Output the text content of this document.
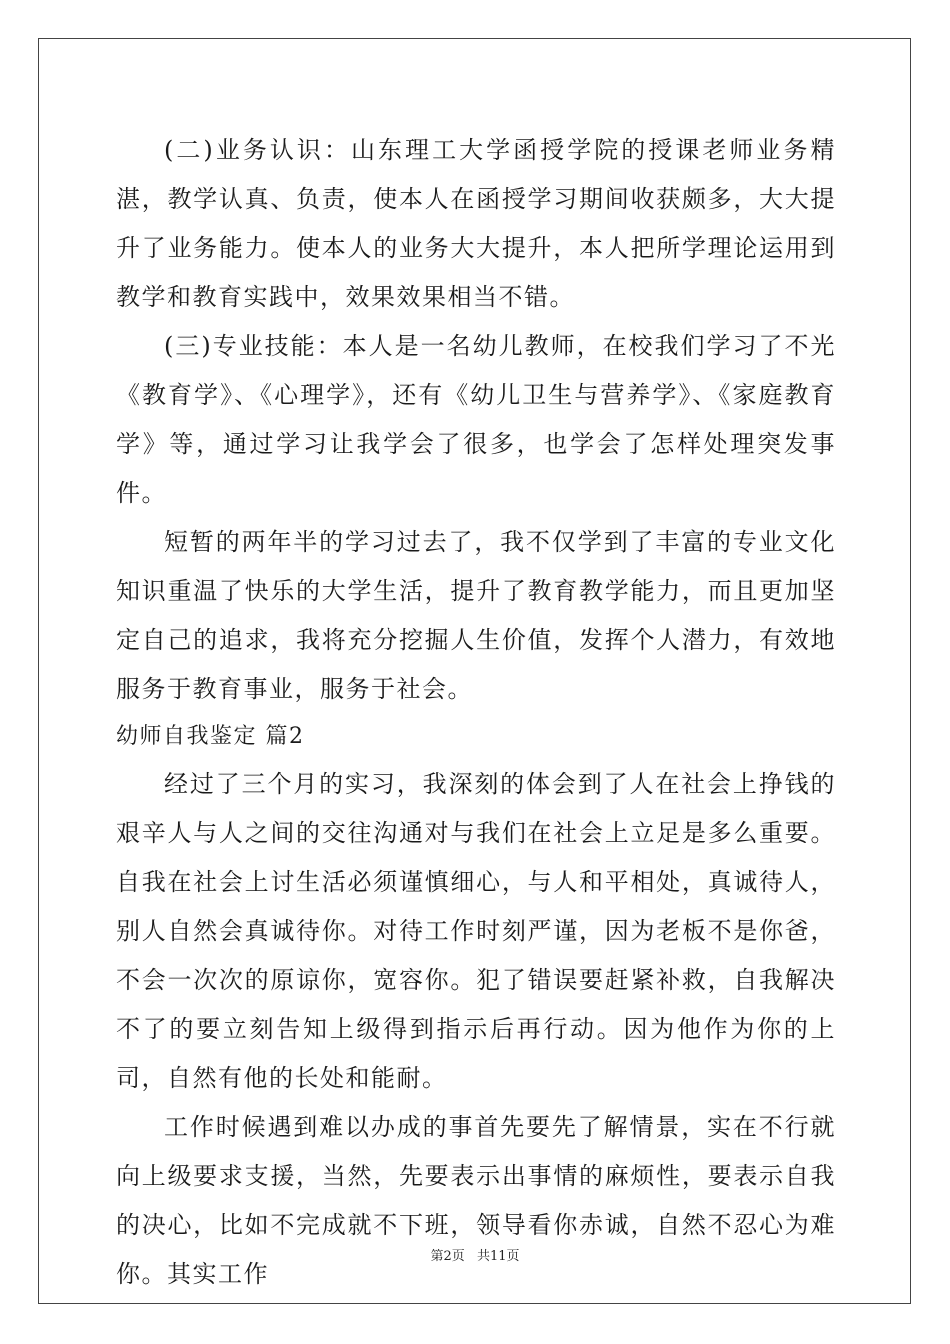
(二)业务认识：山东理工大学函授学院的授课老师业务精湛，教学认真、负责，使本人在函授学习期间收获颇多，大大提升了业务能力。使本人的业务大大提升，本人把所学理论运用到教学和教育实践中，效果效果相当不错。

(三)专业技能：本人是一名幼儿教师，在校我们学习了不光《教育学》、《心理学》，还有《幼儿卫生与营养学》、《家庭教育学》等，通过学习让我学会了很多，也学会了怎样处理突发事件。

短暂的两年半的学习过去了，我不仅学到了丰富的专业文化知识重温了快乐的大学生活，提升了教育教学能力，而且更加坚定自己的追求，我将充分挖掘人生价值，发挥个人潜力，有效地服务于教育事业，服务于社会。

幼师自我鉴定 篇2

经过了三个月的实习，我深刻的体会到了人在社会上挣钱的艰辛人与人之间的交往沟通对与我们在社会上立足是多么重要。自我在社会上讨生活必须谨慎细心，与人和平相处，真诚待人，别人自然会真诚待你。对待工作时刻严谨，因为老板不是你爸，不会一次次的原谅你，宽容你。犯了错误要赶紧补救，自我解决不了的要立刻告知上级得到指示后再行动。因为他作为你的上司，自然有他的长处和能耐。

工作时候遇到难以办成的事首先要先了解情景，实在不行就向上级要求支援，当然，先要表示出事情的麻烦性，要表示自我的决心，比如不完成就不下班，领导看你赤诚，自然不忍心为难你。其实工作

第2页 共11页
